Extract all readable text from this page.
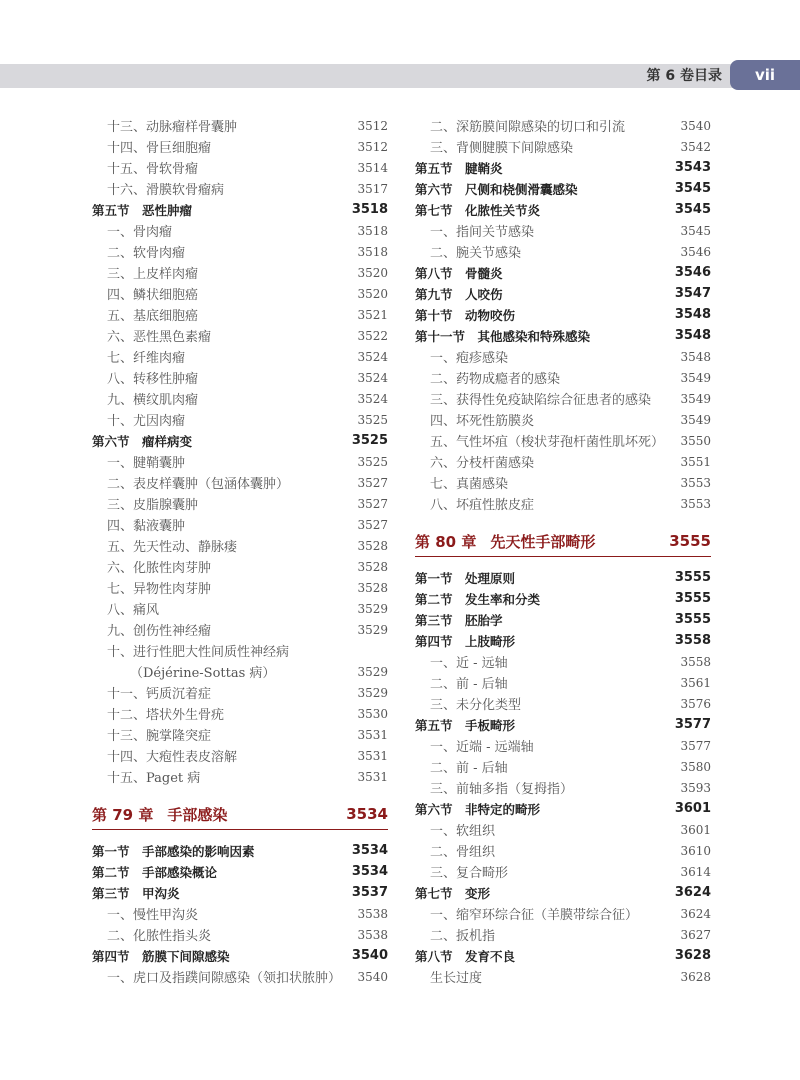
第 6 卷目录	vii
十三、动脉瘤样骨囊肿	3512
十四、骨巨细胞瘤	3512
十五、骨软骨瘤	3514
十六、滑膜软骨瘤病	3517
第五节　恶性肿瘤	3518
一、骨肉瘤	3518
二、软骨肉瘤	3518
三、上皮样肉瘤	3520
四、鳞状细胞癌	3520
五、基底细胞癌	3521
六、恶性黑色素瘤	3522
七、纤维肉瘤	3524
八、转移性肿瘤	3524
九、横纹肌肉瘤	3524
十、尤因肉瘤	3525
第六节　瘤样病变	3525
一、腱鞘囊肿	3525
二、表皮样囊肿（包涵体囊肿）	3527
三、皮脂腺囊肿	3527
四、黏液囊肿	3527
五、先天性动、静脉瘘	3528
六、化脓性肉芽肿	3528
七、异物性肉芽肿	3528
八、痛风	3529
九、创伤性神经瘤	3529
十、进行性肥大性间质性神经病
（Déjérine-Sottas 病）	3529
十一、钙质沉着症	3529
十二、塔状外生骨疣	3530
十三、腕掌隆突症	3531
十四、大疱性表皮溶解	3531
十五、Paget 病	3531
第 79 章 手部感染	3534
第一节　手部感染的影响因素	3534
第二节　手部感染概论	3534
第三节　甲沟炎	3537
一、慢性甲沟炎	3538
二、化脓性指头炎	3538
第四节　筋膜下间隙感染	3540
一、虎口及指蹼间隙感染（领扣状脓肿） 3540
二、深筋膜间隙感染的切口和引流	3540
三、背侧腱膜下间隙感染	3542
第五节　腱鞘炎	3543
第六节　尺侧和桡侧滑囊感染	3545
第七节　化脓性关节炎	3545
一、指间关节感染	3545
二、腕关节感染	3546
第八节　骨髓炎	3546
第九节　人咬伤	3547
第十节　动物咬伤	3548
第十一节　其他感染和特殊感染	3548
一、疱疹感染	3548
二、药物成瘾者的感染	3549
三、获得性免疫缺陷综合征患者的感染 3549
四、坏死性筋膜炎	3549
五、气性坏疽（梭状芽孢杆菌性肌坏死） 3550
六、分枝杆菌感染	3551
七、真菌感染	3553
八、坏疽性脓皮症	3553
第 80 章 先天性手部畸形	3555
第一节　处理原则	3555
第二节　发生率和分类	3555
第三节　胚胎学	3555
第四节　上肢畸形	3558
一、近 - 远轴	3558
二、前 - 后轴	3561
三、未分化类型	3576
第五节　手板畸形	3577
一、近端 - 远端轴	3577
二、前 - 后轴	3580
三、前轴多指（复拇指）	3593
第六节　非特定的畸形	3601
一、软组织	3601
二、骨组织	3610
三、复合畸形	3614
第七节　变形	3624
一、缩窄环综合征（羊膜带综合征）	3624
二、扳机指	3627
第八节　发育不良	3628
生长过度	3628
